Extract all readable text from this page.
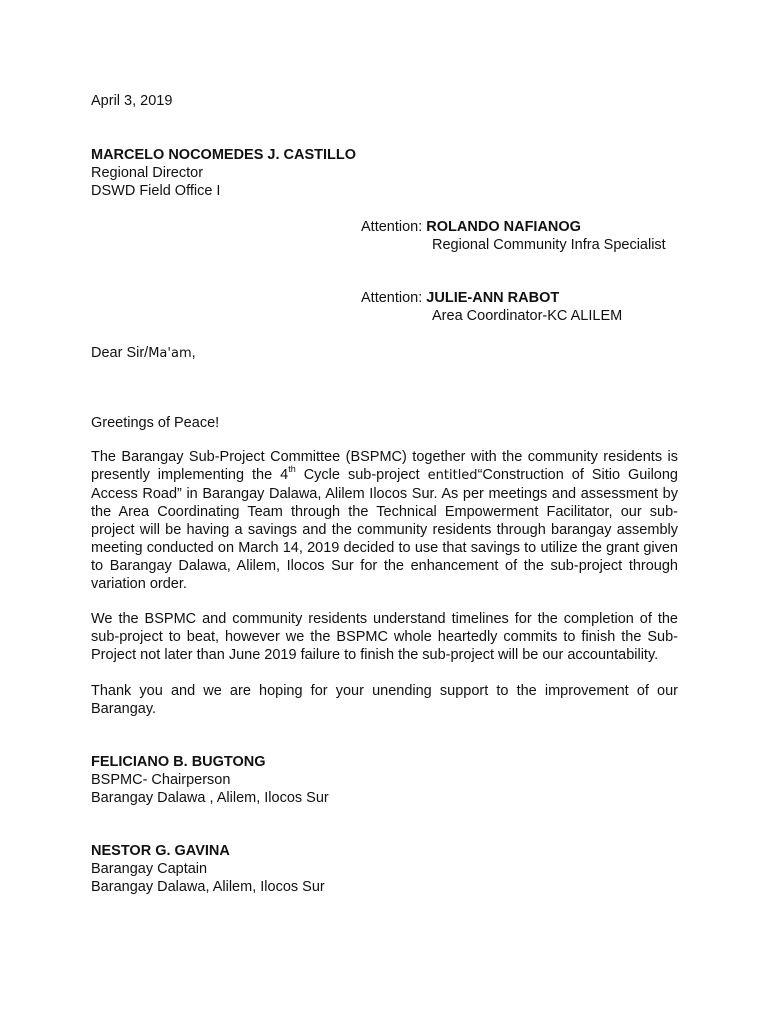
April 3, 2019
MARCELO NOCOMEDES J. CASTILLO
Regional Director
DSWD Field Office I
Attention: ROLANDO NAFIANOG
Regional Community Infra Specialist
Attention: JULIE-ANN RABOT
Area Coordinator-KC ALILEM
Dear Sir/Ma'am,
Greetings of Peace!
The Barangay Sub-Project Committee (BSPMC) together with the community residents is presently implementing the 4th Cycle sub-project entitled“Construction of Sitio Guilong Access Road” in Barangay Dalawa, Alilem Ilocos Sur. As per meetings and assessment by the Area Coordinating Team through the Technical Empowerment Facilitator, our sub-project will be having a savings and the community residents through barangay assembly meeting conducted on March 14, 2019 decided to use that savings to utilize the grant given to Barangay Dalawa, Alilem, Ilocos Sur for the enhancement of the sub-project through variation order.
We the BSPMC and community residents understand timelines for the completion of the sub-project to beat, however we the BSPMC whole heartedly commits to finish the Sub-Project not later than June 2019 failure to finish the sub-project will be our accountability.
Thank you and we are hoping for your unending support to the improvement of our Barangay.
FELICIANO B. BUGTONG
BSPMC- Chairperson
Barangay Dalawa , Alilem, Ilocos Sur
NESTOR G. GAVINA
Barangay Captain
Barangay Dalawa, Alilem, Ilocos Sur
